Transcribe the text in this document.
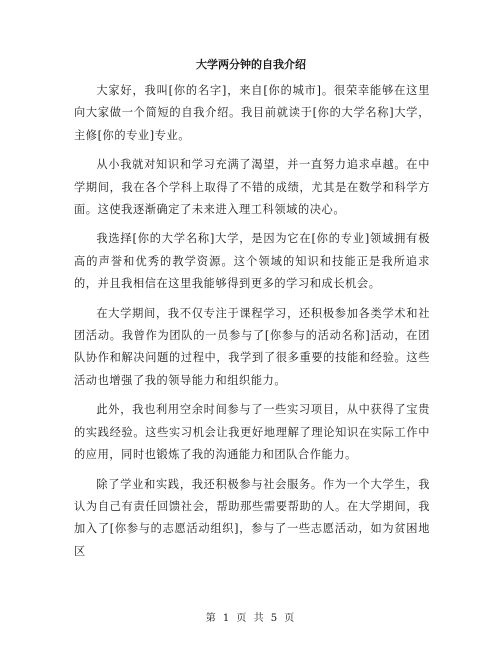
大学两分钟的自我介绍

大家好，我叫[你的名字]，来自[你的城市]。很荣幸能够在这里向大家做一个简短的自我介绍。我目前就读于[你的大学名称]大学，主修[你的专业]专业。

从小我就对知识和学习充满了渴望，并一直努力追求卓越。在中学期间，我在各个学科上取得了不错的成绩，尤其是在数学和科学方面。这使我逐渐确定了未来进入理工科领域的决心。

我选择[你的大学名称]大学，是因为它在[你的专业]领域拥有极高的声誉和优秀的教学资源。这个领域的知识和技能正是我所追求的，并且我相信在这里我能够得到更多的学习和成长机会。

在大学期间，我不仅专注于课程学习，还积极参加各类学术和社团活动。我曾作为团队的一员参与了[你参与的活动名称]活动，在团队协作和解决问题的过程中，我学到了很多重要的技能和经验。这些活动也增强了我的领导能力和组织能力。

此外，我也利用空余时间参与了一些实习项目，从中获得了宝贵的实践经验。这些实习机会让我更好地理解了理论知识在实际工作中的应用，同时也锻炼了我的沟通能力和团队合作能力。

除了学业和实践，我还积极参与社会服务。作为一个大学生，我认为自己有责任回馈社会，帮助那些需要帮助的人。在大学期间，我加入了[你参与的志愿活动组织]，参与了一些志愿活动，如为贫困地区

第 1 页 共 5 页
